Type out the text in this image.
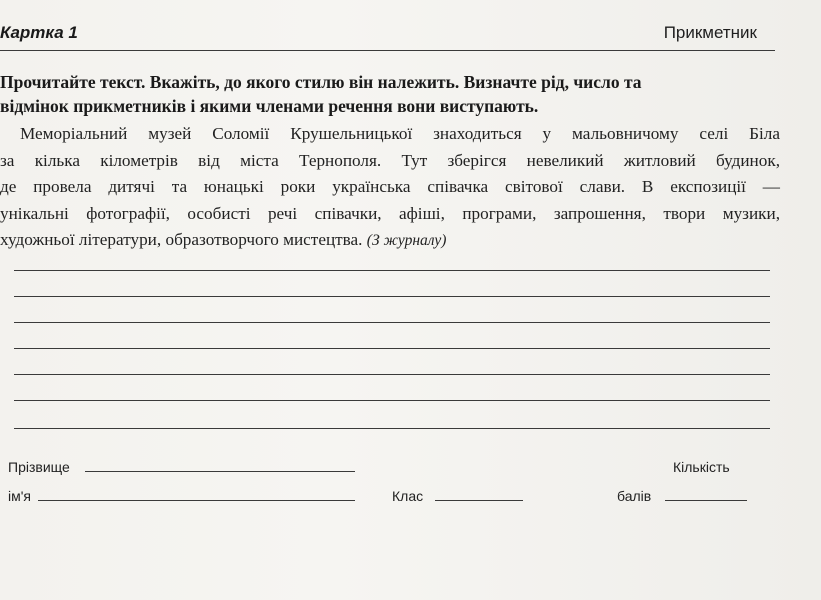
Картка 1	Прикметник
Прочитайте текст. Вкажіть, до якого стилю він належить. Визначте рід, число та
відмінок прикметників і якими членами речення вони виступають.
Меморіальний музей Соломії Крушельницької знаходиться у мальовничому селі Біла
за кілька кілометрів від міста Тернополя. Тут зберігся невеликий житловий будинок,
де провела дитячі та юнацькі роки українська співачка світової слави. В експозиції —
унікальні фотографії, особисті речі співачки, афіші, програми, запрошення, твори музики,
художньої літератури, образотворчого мистецтва. (З журналу)
Прізвище	Кількість
ім'я	Клас	балів
